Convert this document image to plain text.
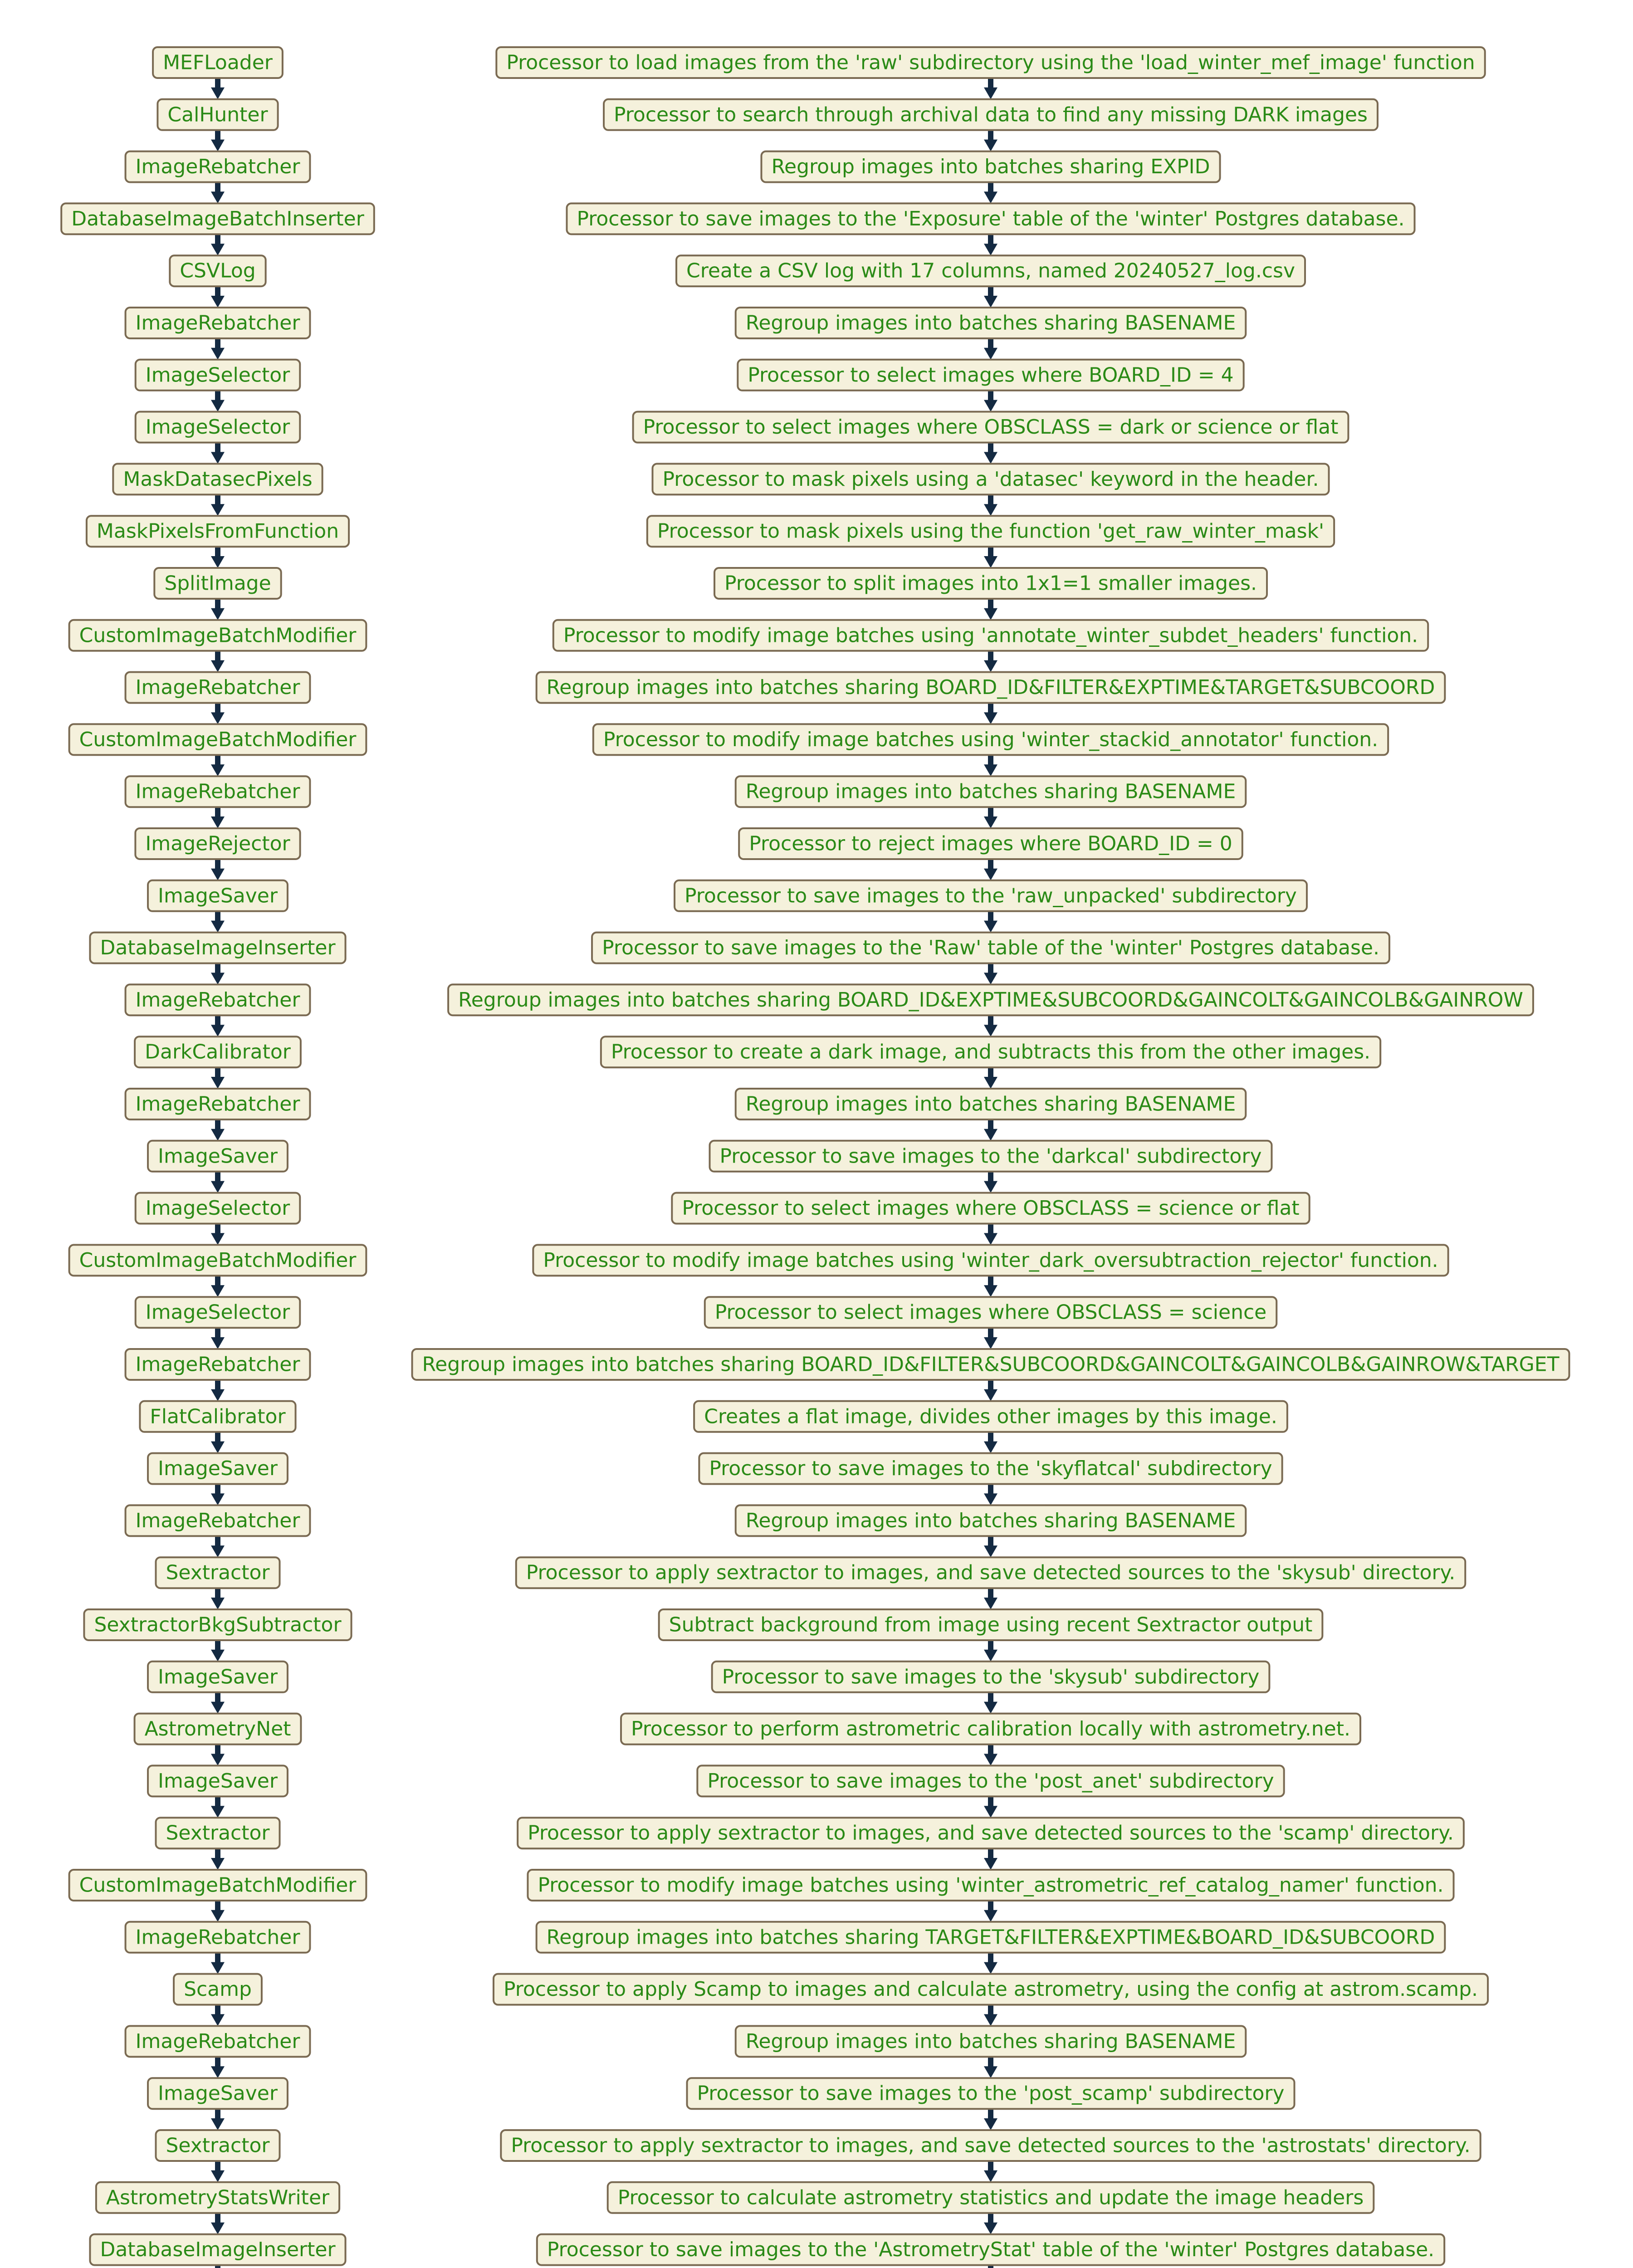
MEFLoader	Processor to load images from the 'raw' subdirectory using the 'load_winter_mef_image' function
CalHunter	Processor to search through archival data to find any missing DARK images
ImageRebatcher	Regroup images into batches sharing EXPID
DatabaseImageBatchInserter	Processor to save images to the 'Exposure' table of the 'winter' Postgres database.
CSVLog	Create a CSV log with 17 columns, named 20240527_log.csv
ImageRebatcher	Regroup images into batches sharing BASENAME
ImageSelector	Processor to select images where BOARD_ID = 4
ImageSelector	Processor to select images where OBSCLASS = dark or science or flat
MaskDatasecPixels	Processor to mask pixels using a 'datasec' keyword in the header.
MaskPixelsFromFunction	Processor to mask pixels using the function 'get_raw_winter_mask'
SplitImage	Processor to split images into 1x1=1 smaller images.
CustomImageBatchModifier	Processor to modify image batches using 'annotate_winter_subdet_headers' function.
ImageRebatcher	Regroup images into batches sharing BOARD_ID&FILTER&EXPTIME&TARGET&SUBCOORD
CustomImageBatchModifier	Processor to modify image batches using 'winter_stackid_annotator' function.
ImageRebatcher	Regroup images into batches sharing BASENAME
ImageRejector	Processor to reject images where BOARD_ID = 0
ImageSaver	Processor to save images to the 'raw_unpacked' subdirectory
DatabaseImageInserter	Processor to save images to the 'Raw' table of the 'winter' Postgres database.
ImageRebatcher	Regroup images into batches sharing BOARD_ID&EXPTIME&SUBCOORD&GAINCOLT&GAINCOLB&GAINROW
DarkCalibrator	Processor to create a dark image, and subtracts this from the other images.
ImageRebatcher	Regroup images into batches sharing BASENAME
ImageSaver	Processor to save images to the 'darkcal' subdirectory
ImageSelector	Processor to select images where OBSCLASS = science or flat
CustomImageBatchModifier	Processor to modify image batches using 'winter_dark_oversubtraction_rejector' function.
ImageSelector	Processor to select images where OBSCLASS = science
ImageRebatcher	Regroup images into batches sharing BOARD_ID&FILTER&SUBCOORD&GAINCOLT&GAINCOLB&GAINROW&TARGET
FlatCalibrator	Creates a flat image, divides other images by this image.
ImageSaver	Processor to save images to the 'skyflatcal' subdirectory
ImageRebatcher	Regroup images into batches sharing BASENAME
Sextractor	Processor to apply sextractor to images, and save detected sources to the 'skysub' directory.
SextractorBkgSubtractor	Subtract background from image using recent Sextractor output
ImageSaver	Processor to save images to the 'skysub' subdirectory
AstrometryNet	Processor to perform astrometric calibration locally with astrometry.net.
ImageSaver	Processor to save images to the 'post_anet' subdirectory
Sextractor	Processor to apply sextractor to images, and save detected sources to the 'scamp' directory.
CustomImageBatchModifier	Processor to modify image batches using 'winter_astrometric_ref_catalog_namer' function.
ImageRebatcher	Regroup images into batches sharing TARGET&FILTER&EXPTIME&BOARD_ID&SUBCOORD
Scamp	Processor to apply Scamp to images and calculate astrometry, using the config at astrom.scamp.
ImageRebatcher	Regroup images into batches sharing BASENAME
ImageSaver	Processor to save images to the 'post_scamp' subdirectory
Sextractor	Processor to apply sextractor to images, and save detected sources to the 'astrostats' directory.
AstrometryStatsWriter	Processor to calculate astrometry statistics and update the image headers
DatabaseImageInserter	Processor to save images to the 'AstrometryStat' table of the 'winter' Postgres database.
